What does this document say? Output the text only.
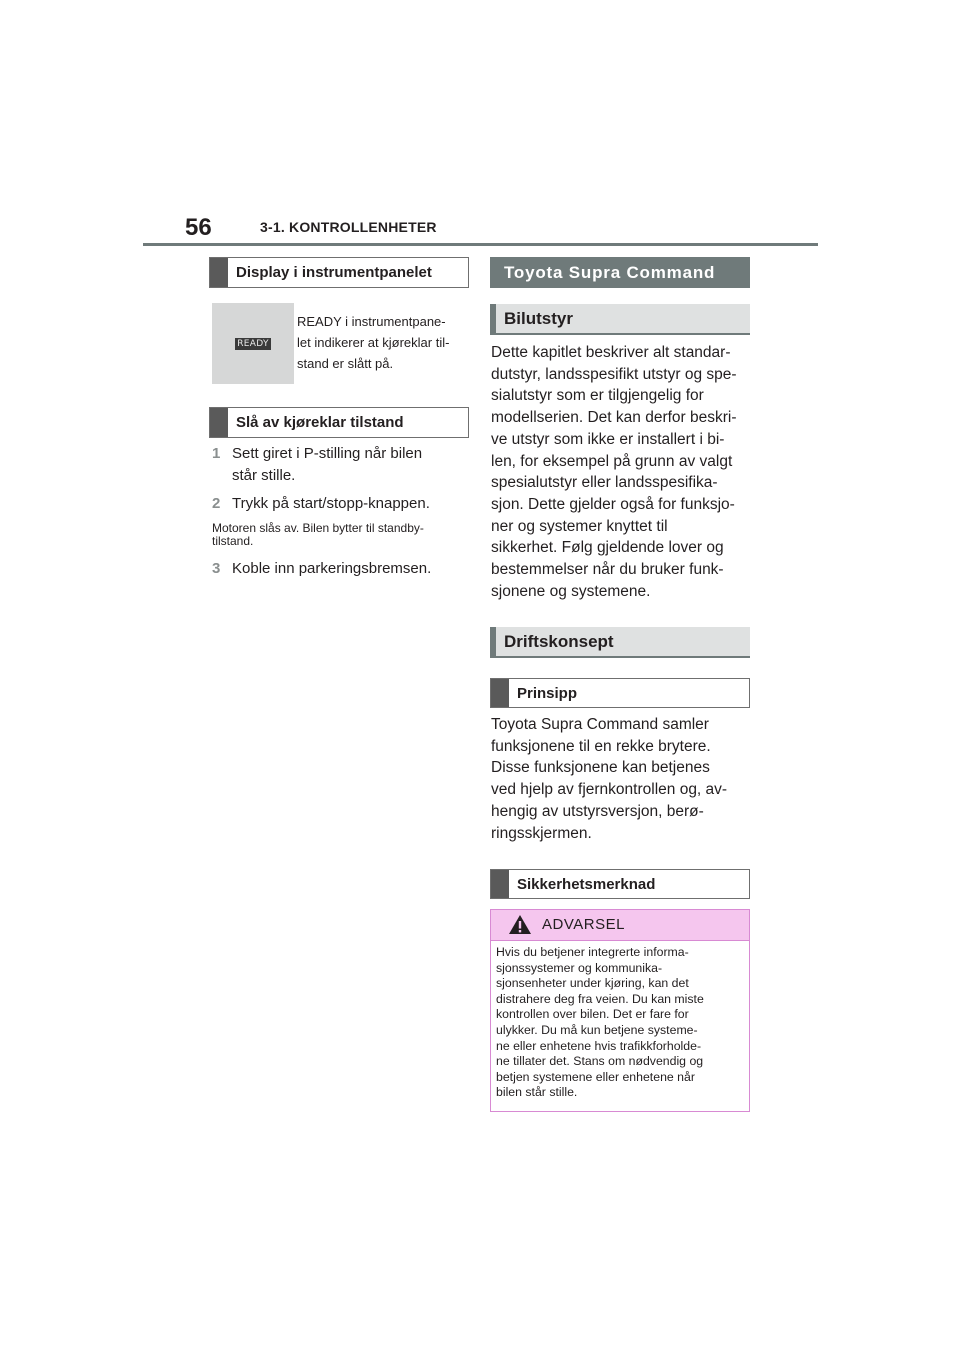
56	3-1. KONTROLLENHETER
Display i instrumentpanelet
READY
READY i instrumentpane-
let indikerer at kjøreklar til-
stand er slått på.
Slå av kjøreklar tilstand
1 Sett giret i P-stilling når bilen
står stille.
2 Trykk på start/stopp-knappen.
Motoren slås av. Bilen bytter til standby-
tilstand.
3 Koble inn parkeringsbremsen.
Toyota Supra Command
Bilutstyr
Dette kapitlet beskriver alt standar-
dutstyr, landsspesifikt utstyr og spe-
sialutstyr som er tilgjengelig for
modellserien. Det kan derfor beskri-
ve utstyr som ikke er installert i bi-
len, for eksempel på grunn av valgt
spesialutstyr eller landsspesifika-
sjon. Dette gjelder også for funksjo-
ner og systemer knyttet til
sikkerhet. Følg gjeldende lover og
bestemmelser når du bruker funk-
sjonene og systemene.
Driftskonsept
Prinsipp
Toyota Supra Command samler
funksjonene til en rekke brytere.
Disse funksjonene kan betjenes
ved hjelp av fjernkontrollen og, av-
hengig av utstyrsversjon, berø-
ringsskjermen.
Sikkerhetsmerknad
ADVARSEL
Hvis du betjener integrerte informa-
sjonssystemer og kommunika-
sjonsenheter under kjøring, kan det
distrahere deg fra veien. Du kan miste
kontrollen over bilen. Det er fare for
ulykker. Du må kun betjene systeme-
ne eller enhetene hvis trafikkforholde-
ne tillater det. Stans om nødvendig og
betjen systemene eller enhetene når
bilen står stille.
